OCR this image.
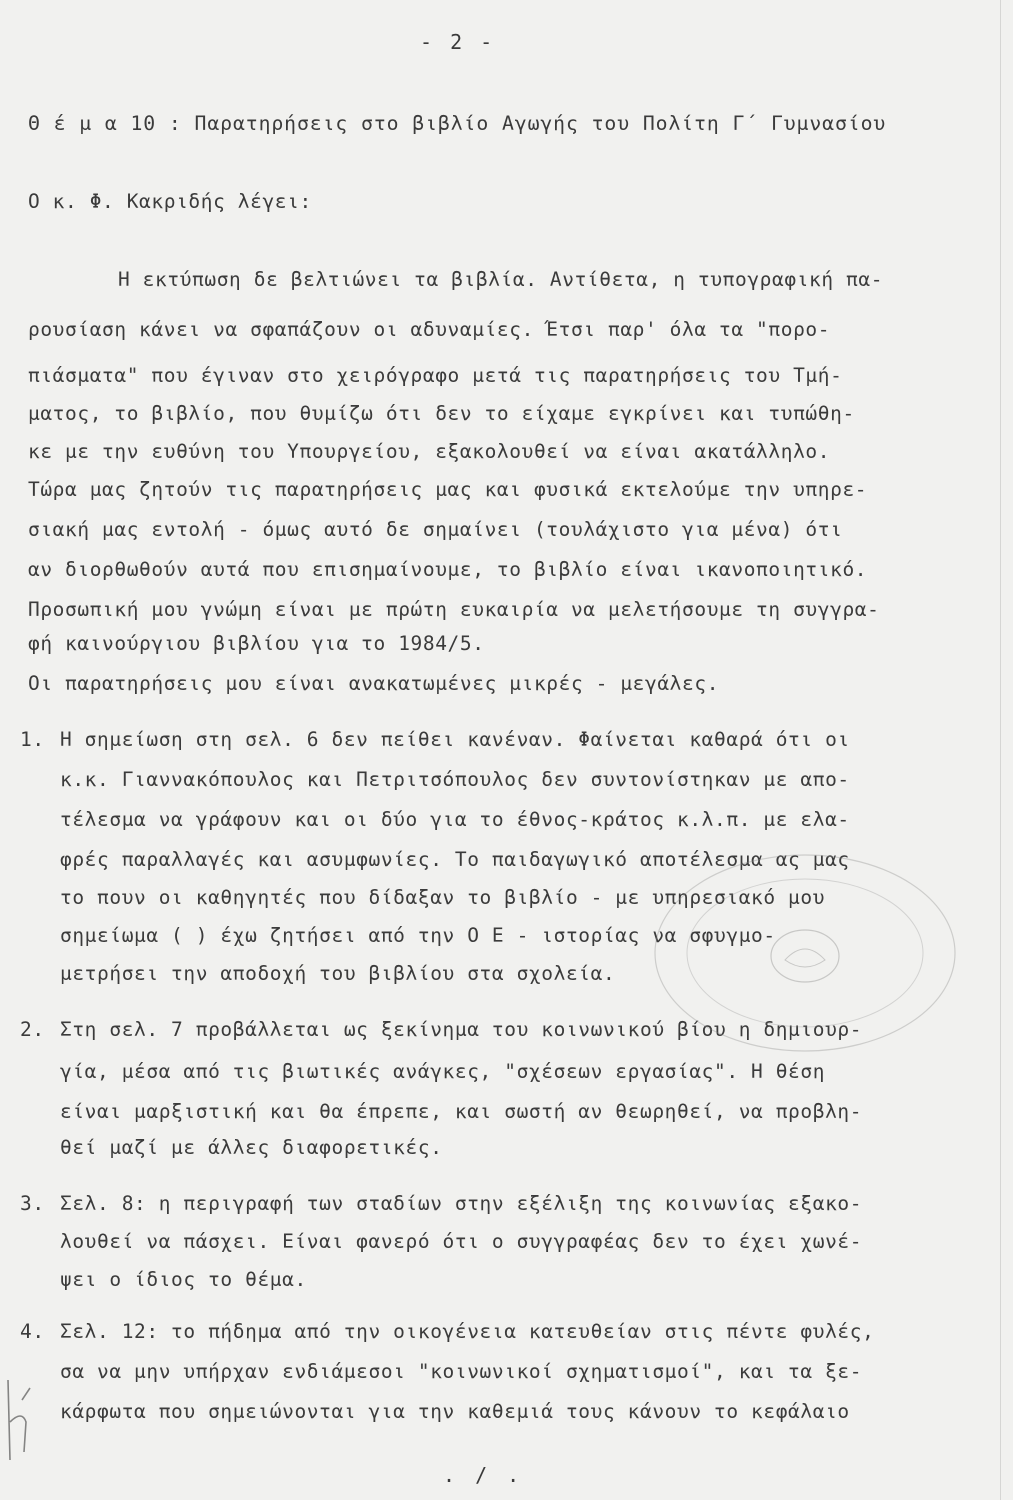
- 2 -
Θ έ μ α 10 : Παρατηρήσεις στο βιβλίο Αγωγής του Πολίτη Γ΄ Γυμνασίου
Ο κ. Φ. Κακριδής λέγει:
Η εκτύπωση δε βελτιώνει τα βιβλία. Αντίθετα, η τυπογραφική πα-
ρουσίαση κάνει να σφαπάζουν οι αδυναμίες. Έτσι παρ' όλα τα "πορο-
πιάσματα" που έγιναν στο χειρόγραφο μετά τις παρατηρήσεις του Τμή-
ματος, το βιβλίο, που θυμίζω ότι δεν το είχαμε εγκρίνει και τυπώθη-
κε με την ευθύνη του Υπουργείου, εξακολουθεί να είναι ακατάλληλο.
Τώρα μας ζητούν τις παρατηρήσεις μας και φυσικά εκτελούμε την υπηρε-
σιακή μας εντολή - όμως αυτό δε σημαίνει (τουλάχιστο για μένα) ότι
αν διορθωθούν αυτά που επισημαίνουμε, το βιβλίο είναι ικανοποιητικό.
Προσωπική μου γνώμη είναι με πρώτη ευκαιρία να μελετήσουμε τη συγγρα-
φή καινούργιου βιβλίου για το 1984/5.
Οι παρατηρήσεις μου είναι ανακατωμένες μικρές - μεγάλες.
1. Η σημείωση στη σελ. 6 δεν πείθει κανέναν. Φαίνεται καθαρά ότι οι
κ.κ. Γιαννακόπουλος και Πετριτσόπουλος δεν συντονίστηκαν με απο-
τέλεσμα να γράφουν και οι δύο για το έθνος-κράτος κ.λ.π. με ελα-
φρές παραλλαγές και ασυμφωνίες. Το παιδαγωγικό αποτέλεσμα ας μας
το πουν οι καθηγητές που δίδαξαν το βιβλίο - με υπηρεσιακό μου
σημείωμα ( ) έχω ζητήσει από την Ο Ε - ιστορίας να σφυγμο-
μετρήσει την αποδοχή του βιβλίου στα σχολεία.
2. Στη σελ. 7 προβάλλεται ως ξεκίνημα του κοινωνικού βίου η δημιουρ-
γία, μέσα από τις βιωτικές ανάγκες, "σχέσεων εργασίας". Η θέση
είναι μαρξιστική και θα έπρεπε, και σωστή αν θεωρηθεί, να προβλη-
θεί μαζί με άλλες διαφορετικές.
3. Σελ. 8: η περιγραφή των σταδίων στην εξέλιξη της κοινωνίας εξακο-
λουθεί να πάσχει. Είναι φανερό ότι ο συγγραφέας δεν το έχει χωνέ-
ψει ο ίδιος το θέμα.
4. Σελ. 12: το πήδημα από την οικογένεια κατευθείαν στις πέντε φυλές,
σα να μην υπήρχαν ενδιάμεσοι "κοινωνικοί σχηματισμοί", και τα ξε-
κάρφωτα που σημειώνονται για την καθεμιά τους κάνουν το κεφάλαιο
. / .
